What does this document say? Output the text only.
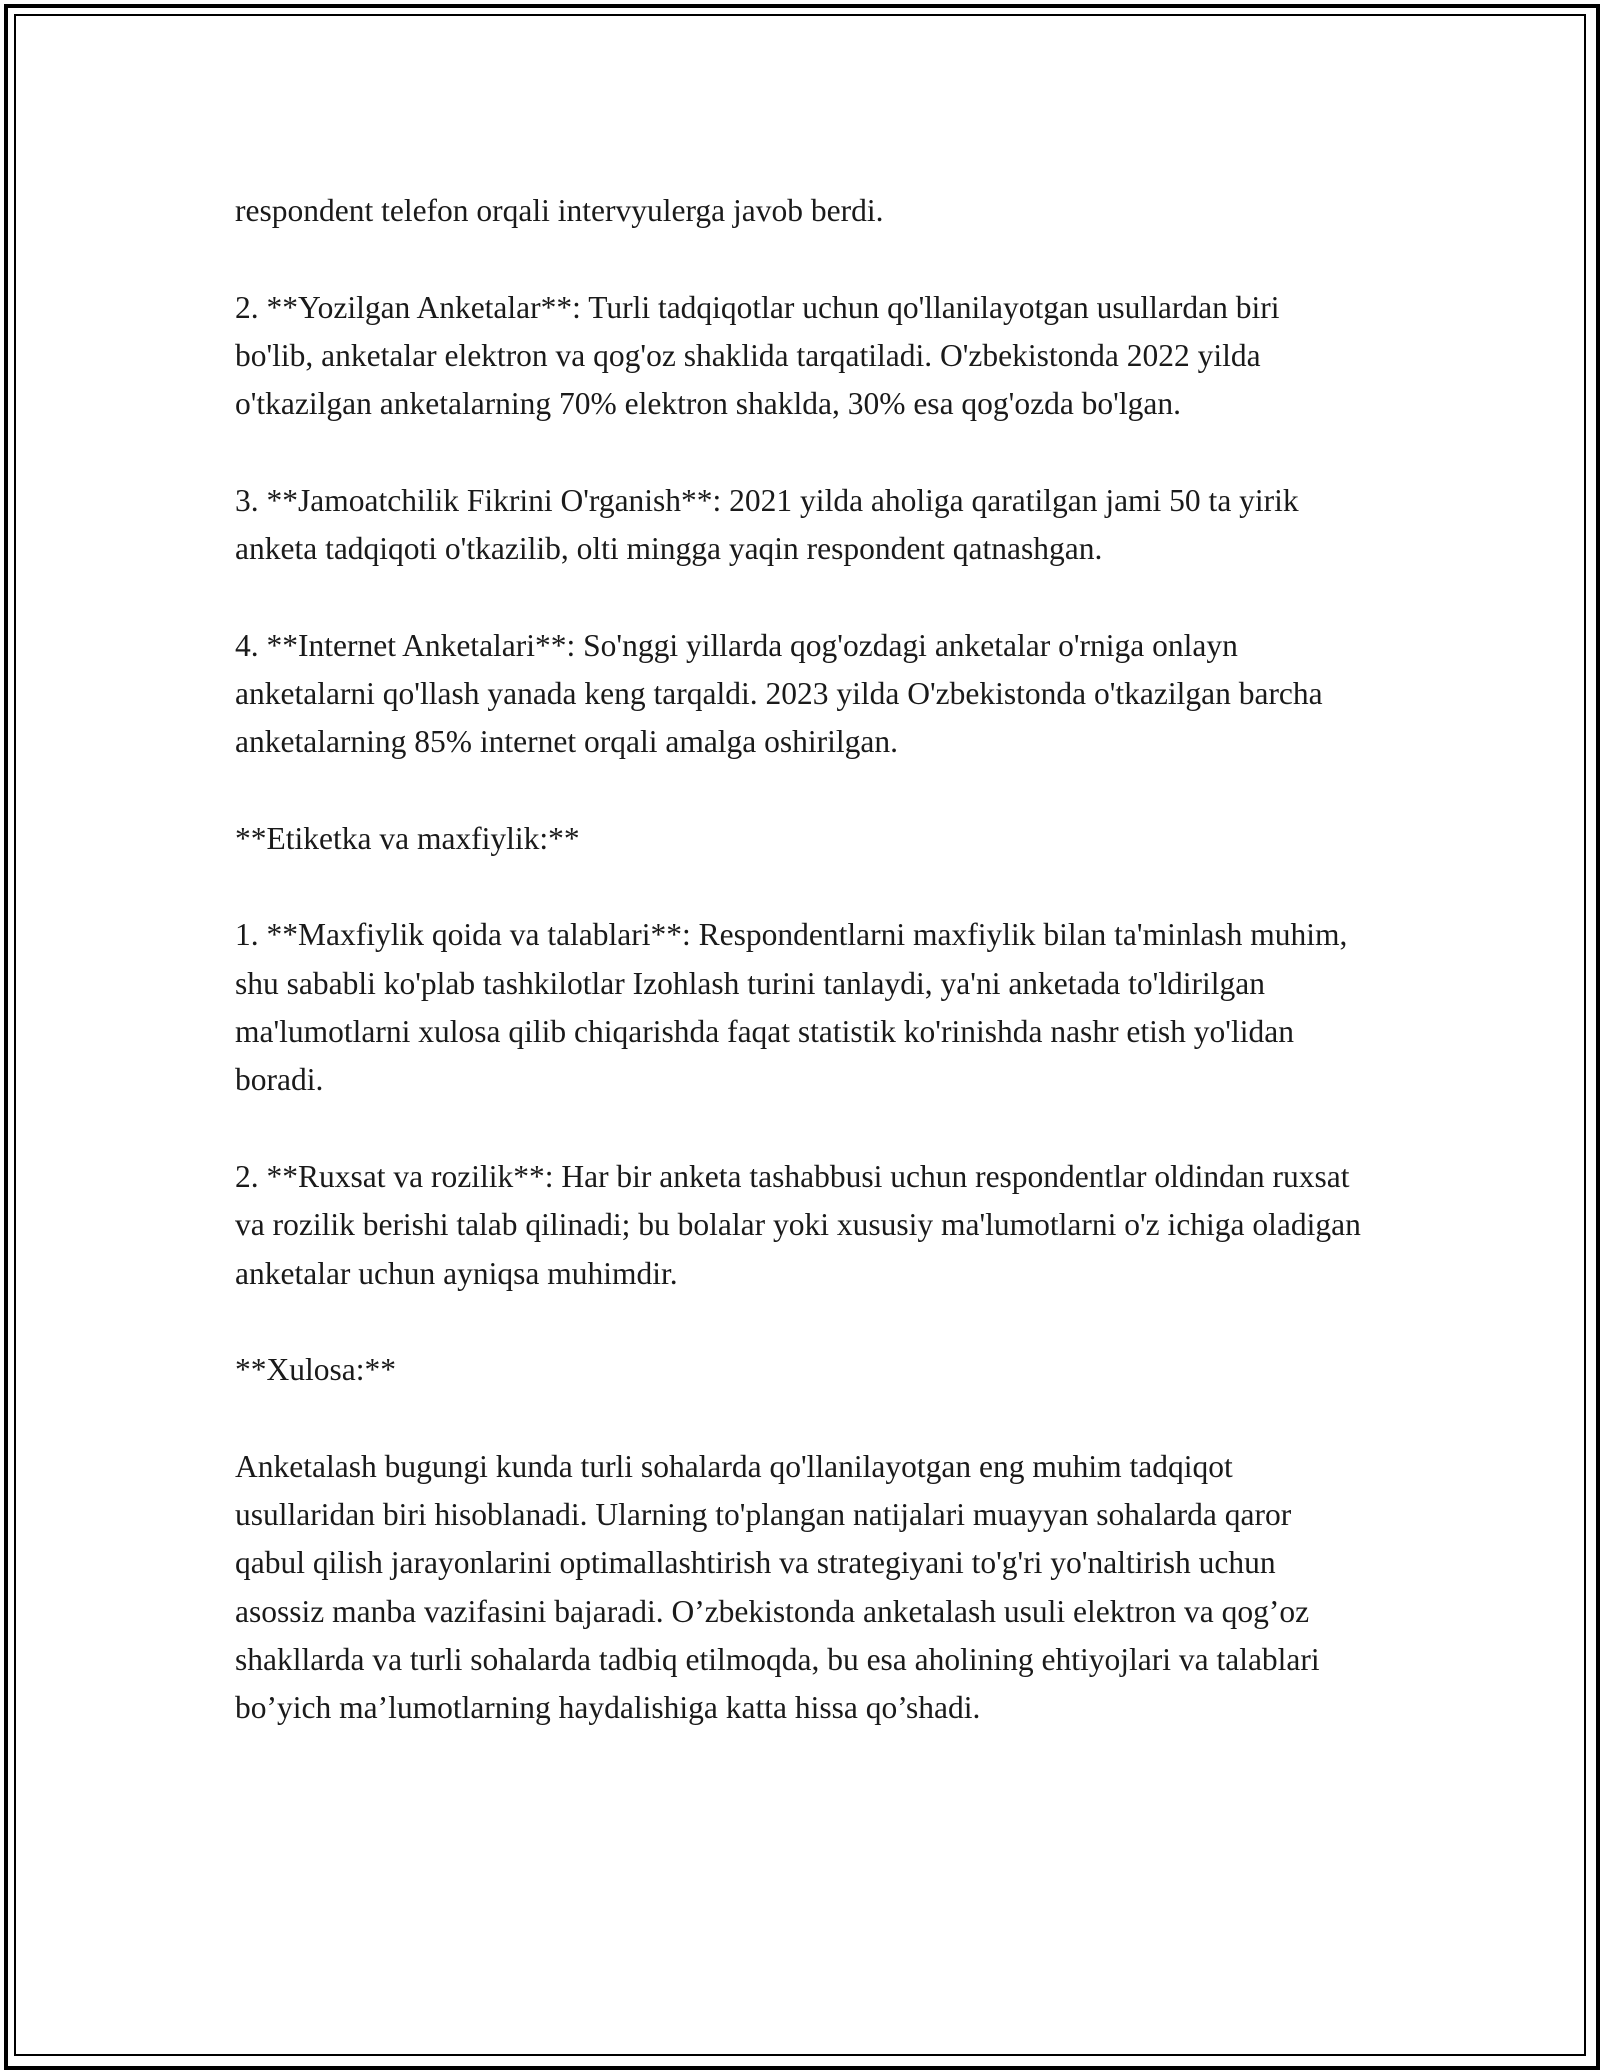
respondent telefon orqali intervyulerga javob berdi.

2. **Yozilgan Anketalar**: Turli tadqiqotlar uchun qo'llanilayotgan usullardan biri bo'lib, anketalar elektron va qog'oz shaklida tarqatiladi. O'zbekistonda 2022 yilda o'tkazilgan anketalarning 70% elektron shaklda, 30% esa qog'ozda bo'lgan.

3. **Jamoatchilik Fikrini O'rganish**: 2021 yilda aholiga qaratilgan jami 50 ta yirik anketa tadqiqoti o'tkazilib, olti mingga yaqin respondent qatnashgan.

4. **Internet Anketalari**: So'nggi yillarda qog'ozdagi anketalar o'rniga onlayn anketalarni qo'llash yanada keng tarqaldi. 2023 yilda O'zbekistonda o'tkazilgan barcha anketalarning 85% internet orqali amalga oshirilgan.

**Etiketka va maxfiylik:**

1. **Maxfiylik qoida va talablari**: Respondentlarni maxfiylik bilan ta'minlash muhim, shu sababli ko'plab tashkilotlar Izohlash turini tanlaydi, ya'ni anketada to'ldirilgan ma'lumotlarni xulosa qilib chiqarishda faqat statistik ko'rinishda nashr etish yo'lidan boradi.

2. **Ruxsat va rozilik**: Har bir anketa tashabbusi uchun respondentlar oldindan ruxsat va rozilik berishi talab qilinadi; bu bolalar yoki xususiy ma'lumotlarni o'z ichiga oladigan anketalar uchun ayniqsa muhimdir.

**Xulosa:**

Anketalash bugungi kunda turli sohalarda qo'llanilayotgan eng muhim tadqiqot usullaridan biri hisoblanadi. Ularning to'plangan natijalari muayyan sohalarda qaror qabul qilish jarayonlarini optimallashtirish va strategiyani to'g'ri yo'naltirish uchun asossiz manba vazifasini bajaradi. O’zbekistonda anketalash usuli elektron va qog’oz shakllarda va turli sohalarda tadbiq etilmoqda, bu esa aholining ehtiyojlari va talablari bo’yich ma’lumotlarning haydalishiga katta hissa qo’shadi.
